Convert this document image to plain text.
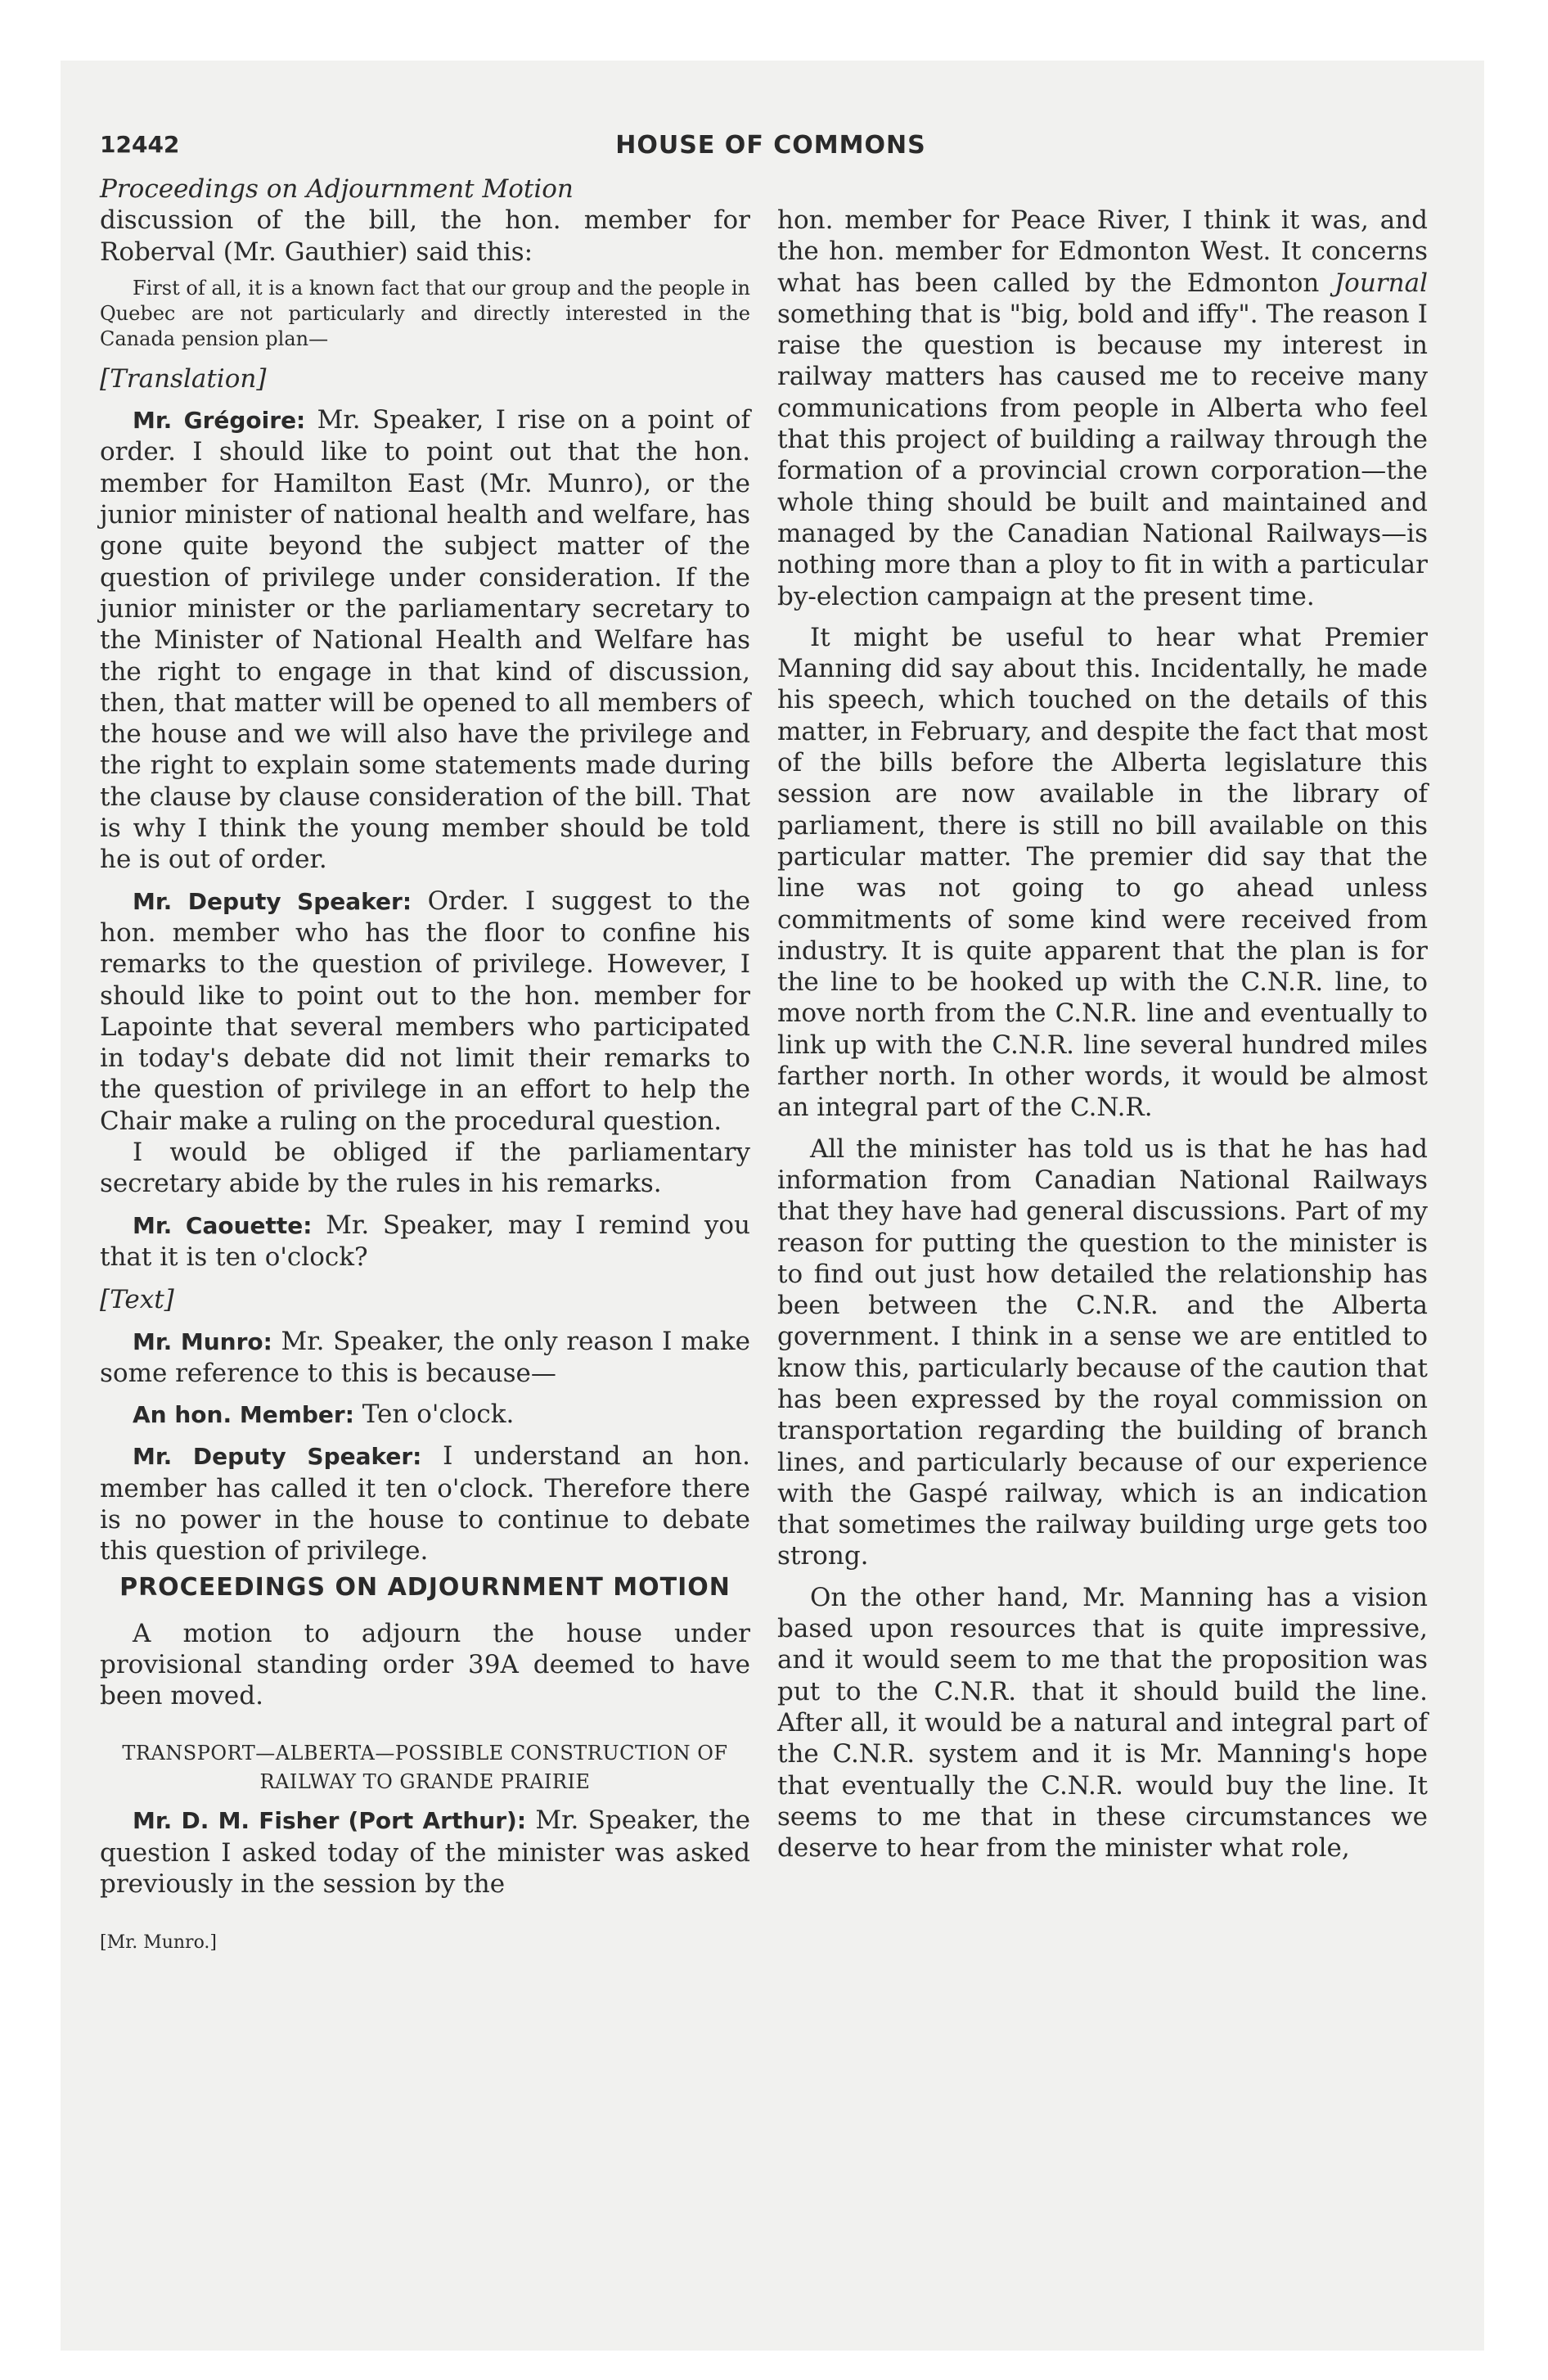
12442	HOUSE OF COMMONS

Proceedings on Adjournment Motion

discussion of the bill, the hon. member for Roberval (Mr. Gauthier) said this:

First of all, it is a known fact that our group and the people in Quebec are not particularly and directly interested in the Canada pension plan—

[Translation]

Mr. Grégoire: Mr. Speaker, I rise on a point of order. I should like to point out that the hon. member for Hamilton East (Mr. Munro), or the junior minister of national health and welfare, has gone quite beyond the subject matter of the question of privilege under consideration. If the junior minister or the parliamentary secretary to the Minister of National Health and Welfare has the right to engage in that kind of discussion, then, that matter will be opened to all members of the house and we will also have the privilege and the right to explain some statements made during the clause by clause consideration of the bill. That is why I think the young member should be told he is out of order.

Mr. Deputy Speaker: Order. I suggest to the hon. member who has the floor to confine his remarks to the question of privilege. However, I should like to point out to the hon. member for Lapointe that several members who participated in today's debate did not limit their remarks to the question of privilege in an effort to help the Chair make a ruling on the procedural question.

I would be obliged if the parliamentary secretary abide by the rules in his remarks.

Mr. Caouette: Mr. Speaker, may I remind you that it is ten o'clock?

[Text]

Mr. Munro: Mr. Speaker, the only reason I make some reference to this is because—

An hon. Member: Ten o'clock.

Mr. Deputy Speaker: I understand an hon. member has called it ten o'clock. Therefore there is no power in the house to continue to debate this question of privilege.

PROCEEDINGS ON ADJOURNMENT MOTION

A motion to adjourn the house under provisional standing order 39A deemed to have been moved.

TRANSPORT—ALBERTA—POSSIBLE CONSTRUCTION OF RAILWAY TO GRANDE PRAIRIE

Mr. D. M. Fisher (Port Arthur): Mr. Speaker, the question I asked today of the minister was asked previously in the session by the

[Mr. Munro.]

hon. member for Peace River, I think it was, and the hon. member for Edmonton West. It concerns what has been called by the Edmonton Journal something that is "big, bold and iffy". The reason I raise the question is because my interest in railway matters has caused me to receive many communications from people in Alberta who feel that this project of building a railway through the formation of a provincial crown corporation—the whole thing should be built and maintained and managed by the Canadian National Railways—is nothing more than a ploy to fit in with a particular by-election campaign at the present time.

It might be useful to hear what Premier Manning did say about this. Incidentally, he made his speech, which touched on the details of this matter, in February, and despite the fact that most of the bills before the Alberta legislature this session are now available in the library of parliament, there is still no bill available on this particular matter. The premier did say that the line was not going to go ahead unless commitments of some kind were received from industry. It is quite apparent that the plan is for the line to be hooked up with the C.N.R. line, to move north from the C.N.R. line and eventually to link up with the C.N.R. line several hundred miles farther north. In other words, it would be almost an integral part of the C.N.R.

All the minister has told us is that he has had information from Canadian National Railways that they have had general discussions. Part of my reason for putting the question to the minister is to find out just how detailed the relationship has been between the C.N.R. and the Alberta government. I think in a sense we are entitled to know this, particularly because of the caution that has been expressed by the royal commission on transportation regarding the building of branch lines, and particularly because of our experience with the Gaspé railway, which is an indication that sometimes the railway building urge gets too strong.

On the other hand, Mr. Manning has a vision based upon resources that is quite impressive, and it would seem to me that the proposition was put to the C.N.R. that it should build the line. After all, it would be a natural and integral part of the C.N.R. system and it is Mr. Manning's hope that eventually the C.N.R. would buy the line. It seems to me that in these circumstances we deserve to hear from the minister what role,
